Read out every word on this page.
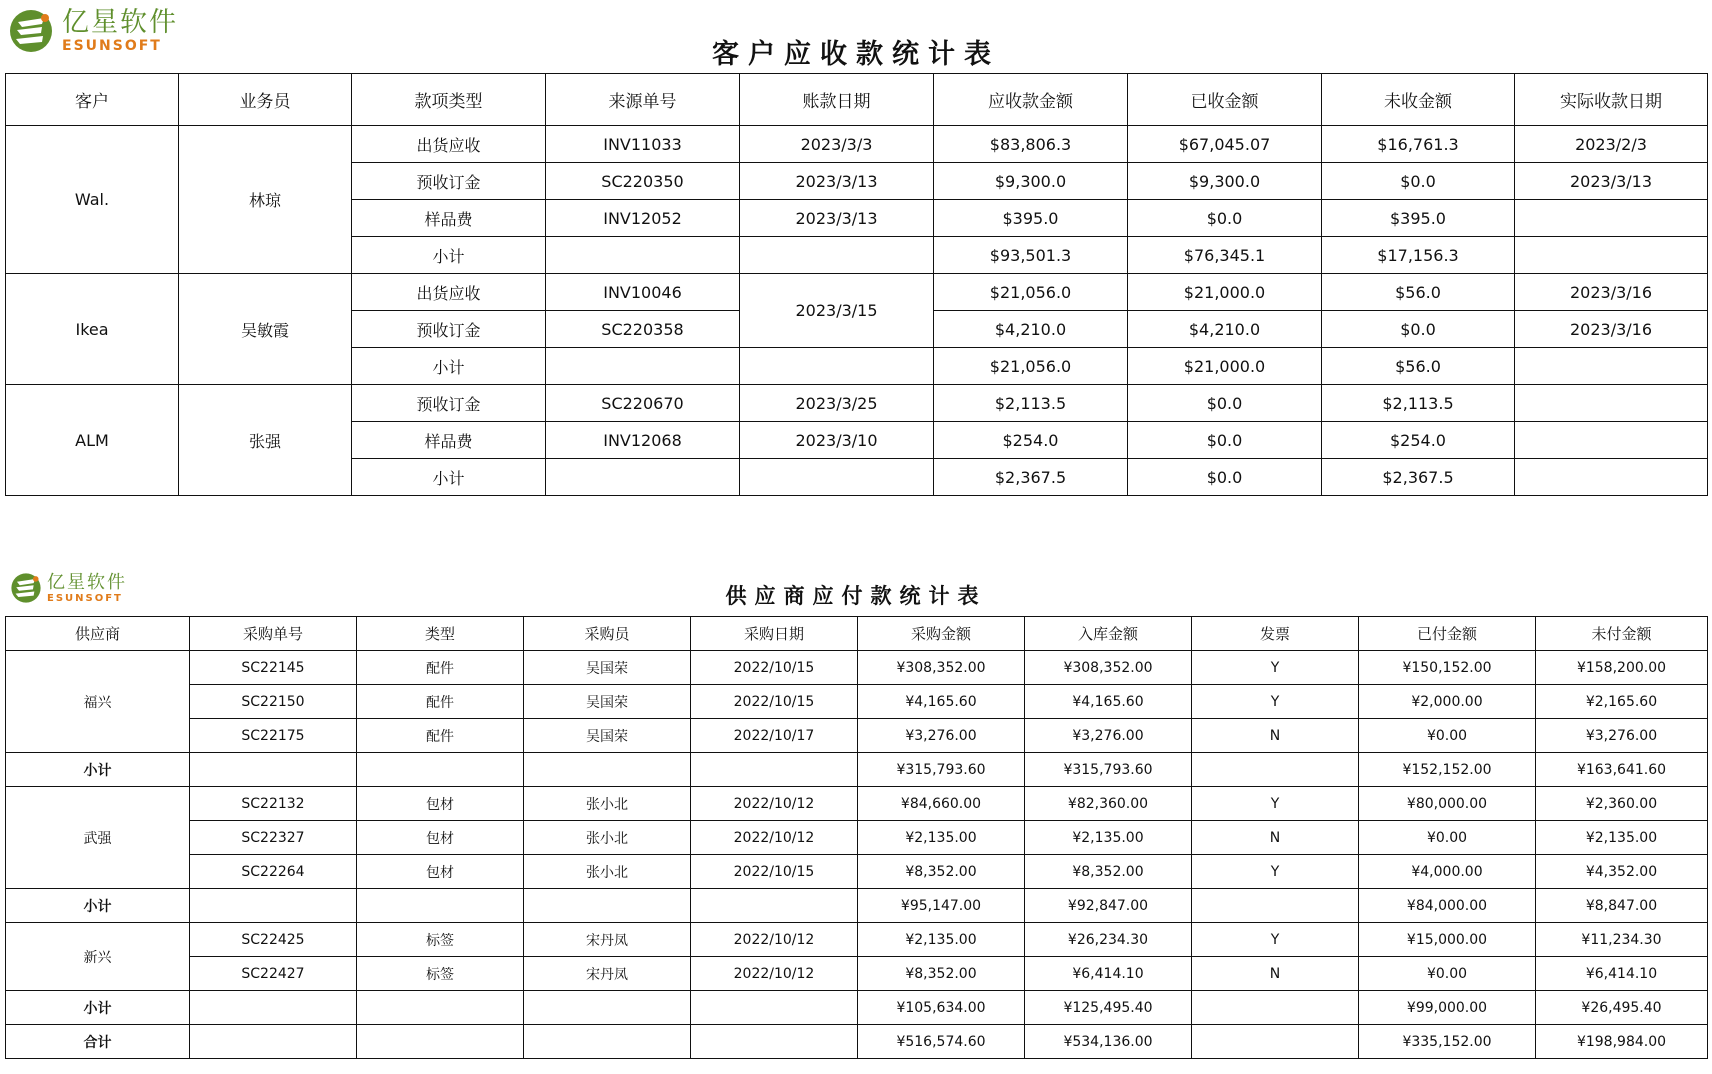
亿星软件
ESUNSOFT	客户应收款统计表
客户	业务员	款项类型	来源单号	账款日期	应收款金额	已收金额	未收金额	实际收款日期
Wal.	林琼	出货应收	INV11033	2023/3/3	$83,806.3	$67,045.07	$16,761.3	2023/2/3
		预收订金	SC220350	2023/3/13	$9,300.0	$9,300.0	$0.0	2023/3/13
		样品费	INV12052	2023/3/13	$395.0	$0.0	$395.0	
		小计			$93,501.3	$76,345.1	$17,156.3	
Ikea	吴敏霞	出货应收	INV10046	2023/3/15	$21,056.0	$21,000.0	$56.0	2023/3/16
		预收订金	SC220358		$4,210.0	$4,210.0	$0.0	2023/3/16
		小计			$21,056.0	$21,000.0	$56.0	
ALM	张强	预收订金	SC220670	2023/3/25	$2,113.5	$0.0	$2,113.5	
		样品费	INV12068	2023/3/10	$254.0	$0.0	$254.0	
		小计			$2,367.5	$0.0	$2,367.5	
亿星软件
ESUNSOFT	供应商应付款统计表
供应商	采购单号	类型	采购员	采购日期	采购金额	入库金额	发票	已付金额	未付金额
福兴	SC22145	配件	吴国荣	2022/10/15	¥308,352.00	¥308,352.00	Y	¥150,152.00	¥158,200.00
	SC22150	配件	吴国荣	2022/10/15	¥4,165.60	¥4,165.60	Y	¥2,000.00	¥2,165.60
	SC22175	配件	吴国荣	2022/10/17	¥3,276.00	¥3,276.00	N	¥0.00	¥3,276.00
小计					¥315,793.60	¥315,793.60		¥152,152.00	¥163,641.60
武强	SC22132	包材	张小北	2022/10/12	¥84,660.00	¥82,360.00	Y	¥80,000.00	¥2,360.00
	SC22327	包材	张小北	2022/10/12	¥2,135.00	¥2,135.00	N	¥0.00	¥2,135.00
	SC22264	包材	张小北	2022/10/15	¥8,352.00	¥8,352.00	Y	¥4,000.00	¥4,352.00
小计					¥95,147.00	¥92,847.00		¥84,000.00	¥8,847.00
新兴	SC22425	标签	宋丹凤	2022/10/12	¥2,135.00	¥26,234.30	Y	¥15,000.00	¥11,234.30
	SC22427	标签	宋丹凤	2022/10/12	¥8,352.00	¥6,414.10	N	¥0.00	¥6,414.10
小计					¥105,634.00	¥125,495.40		¥99,000.00	¥26,495.40
合计					¥516,574.60	¥534,136.00		¥335,152.00	¥198,984.00
